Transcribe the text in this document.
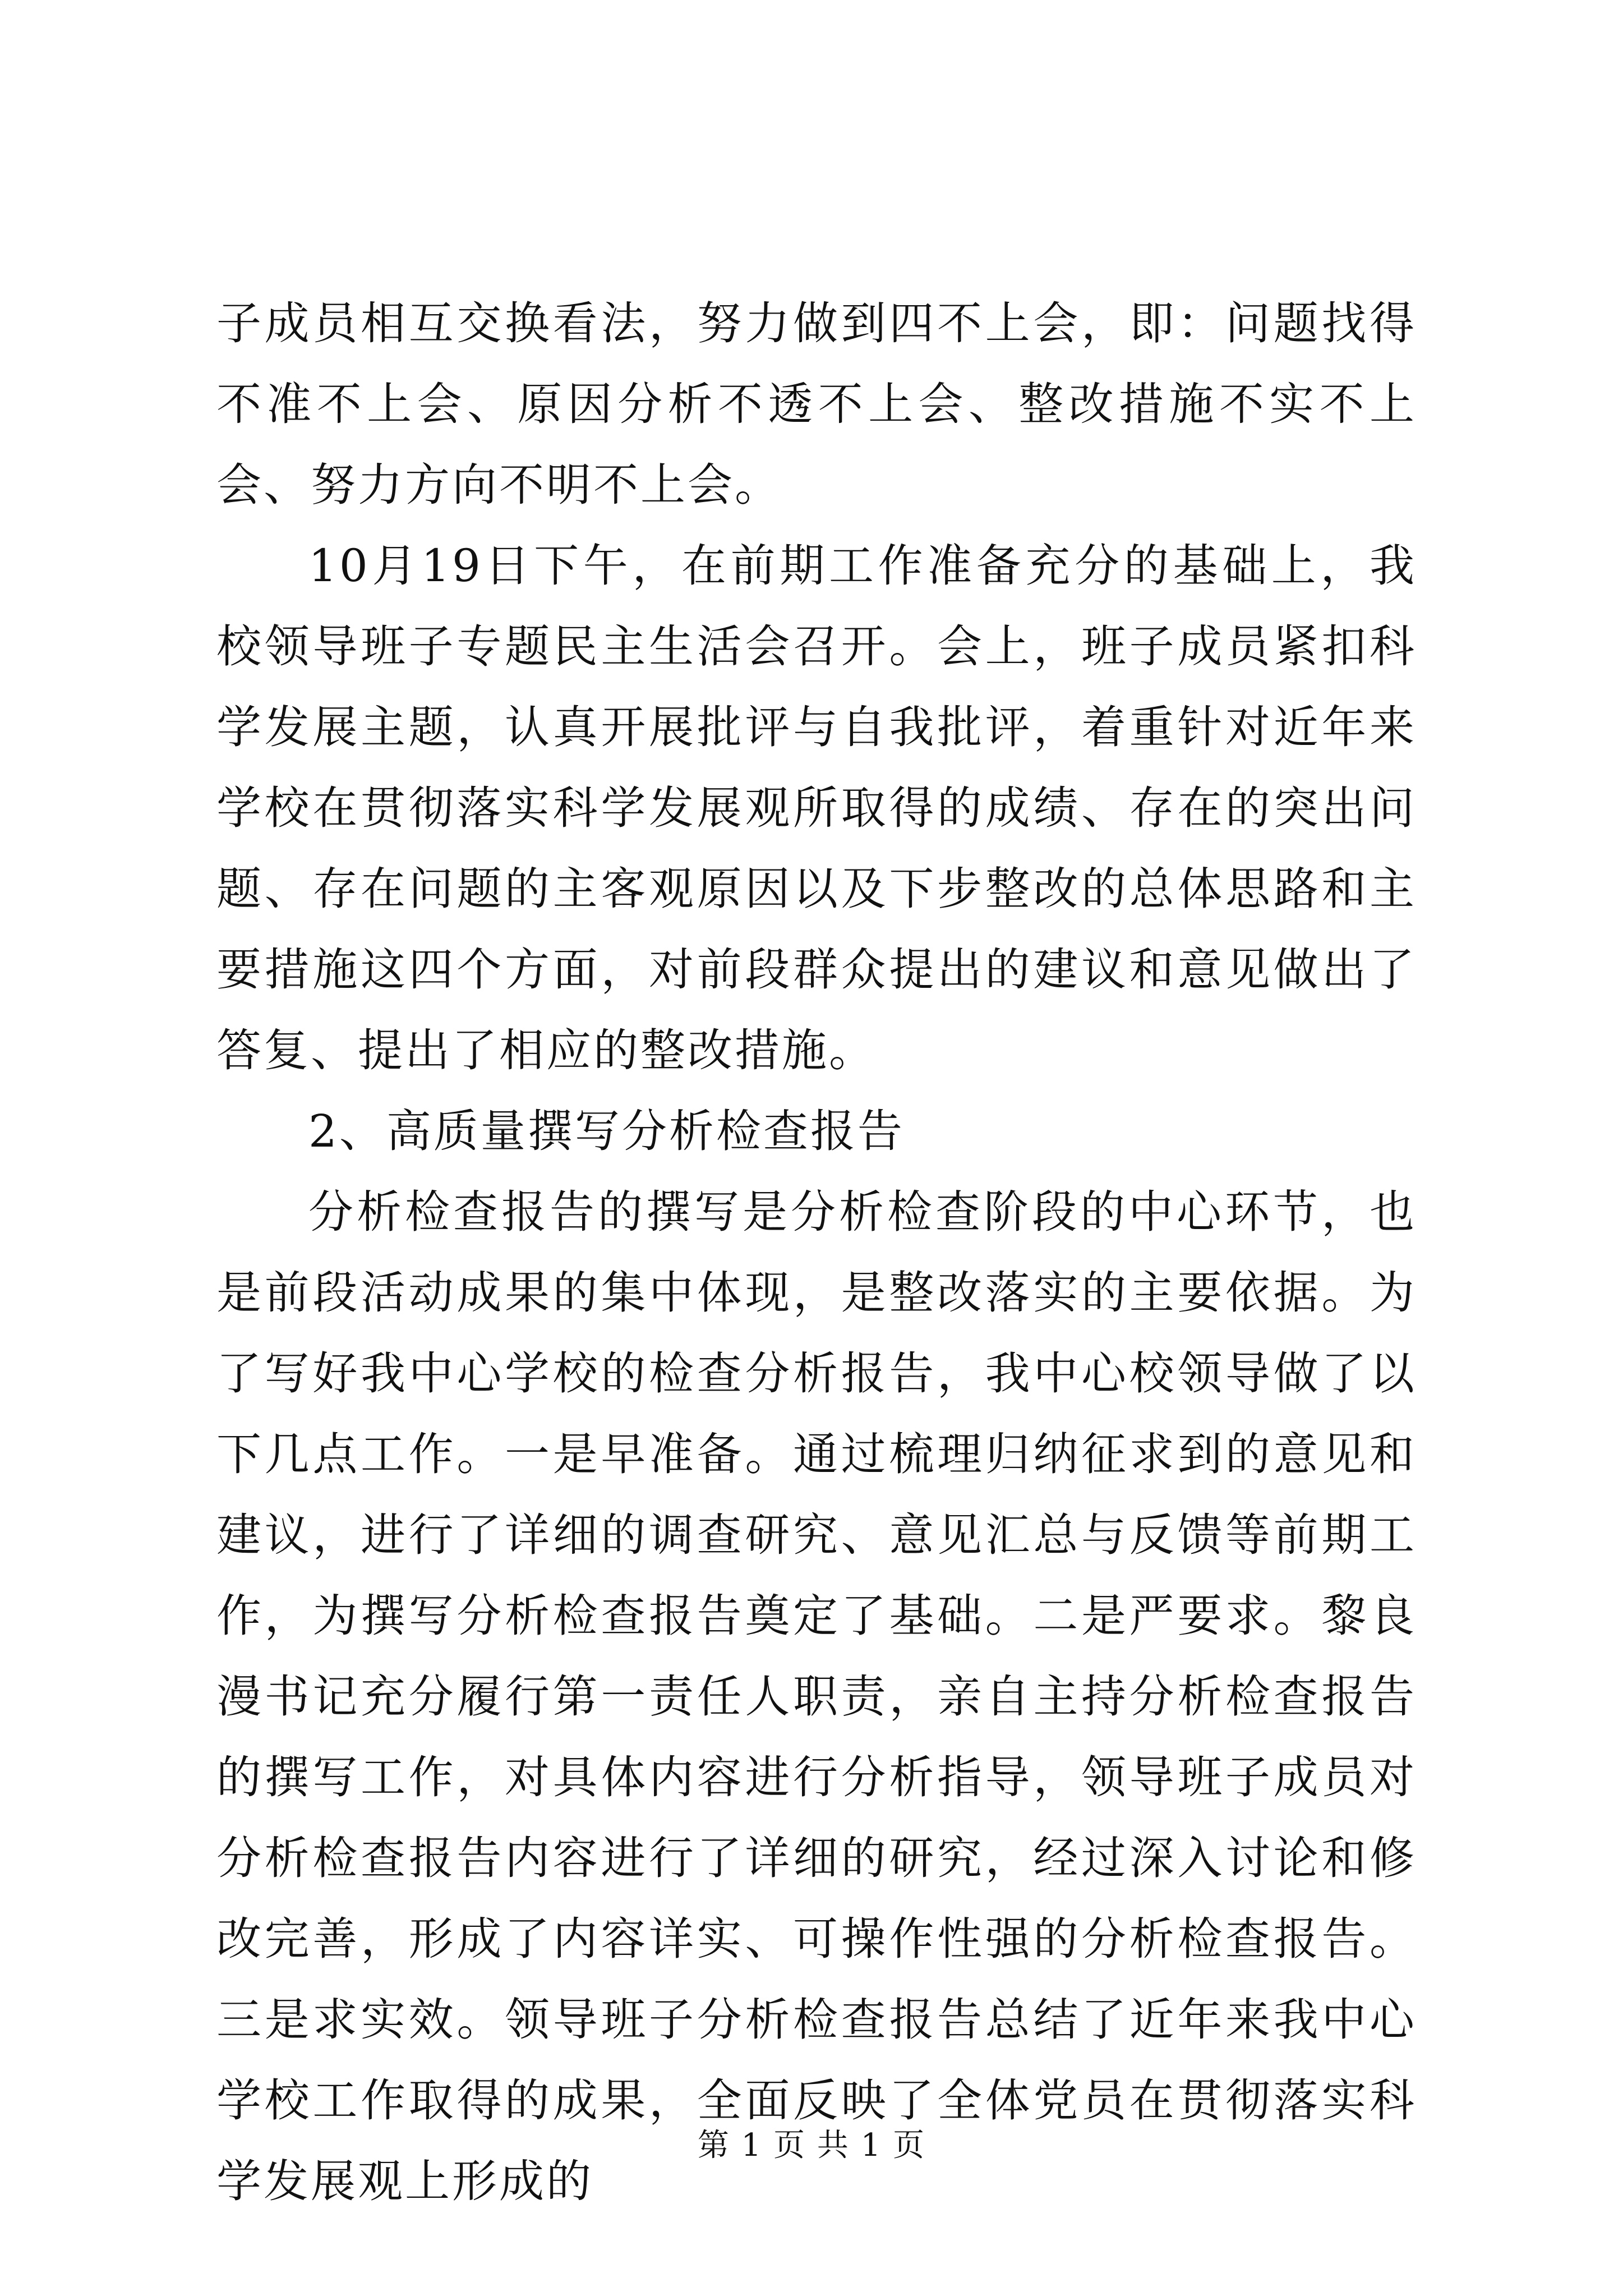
子成员相互交换看法，努力做到四不上会，即：问题找得不准不上会、原因分析不透不上会、整改措施不实不上会、努力方向不明不上会。

10月19日下午，在前期工作准备充分的基础上，我校领导班子专题民主生活会召开。会上，班子成员紧扣科学发展主题，认真开展批评与自我批评，着重针对近年来学校在贯彻落实科学发展观所取得的成绩、存在的突出问题、存在问题的主客观原因以及下步整改的总体思路和主要措施这四个方面，对前段群众提出的建议和意见做出了答复、提出了相应的整改措施。

2、高质量撰写分析检查报告

分析检查报告的撰写是分析检查阶段的中心环节，也是前段活动成果的集中体现，是整改落实的主要依据。为了写好我中心学校的检查分析报告，我中心校领导做了以下几点工作。一是早准备。通过梳理归纳征求到的意见和建议，进行了详细的调查研究、意见汇总与反馈等前期工作，为撰写分析检查报告奠定了基础。二是严要求。黎良漫书记充分履行第一责任人职责，亲自主持分析检查报告的撰写工作，对具体内容进行分析指导，领导班子成员对分析检查报告内容进行了详细的研究，经过深入讨论和修改完善，形成了内容详实、可操作性强的分析检查报告。三是求实效。领导班子分析检查报告总结了近年来我中心学校工作取得的成果，全面反映了全体党员在贯彻落实科学发展观上形成的

第 1 页 共 1 页
